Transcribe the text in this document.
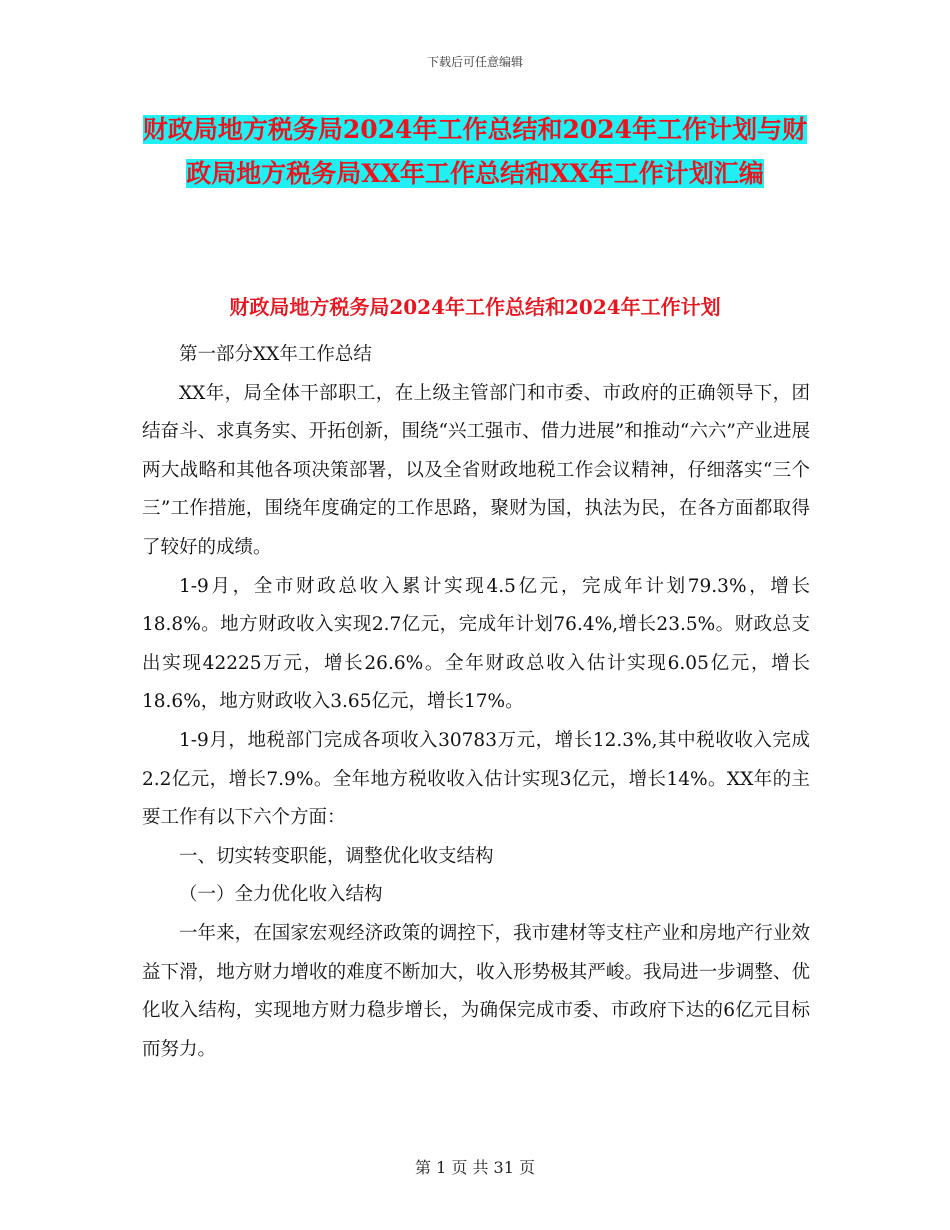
下载后可任意编辑
财政局地方税务局2024年工作总结和2024年工作计划与财政局地方税务局XX年工作总结和XX年工作计划汇编
财政局地方税务局2024年工作总结和2024年工作计划

第一部分XX年工作总结

XX年，局全体干部职工，在上级主管部门和市委、市政府的正确领导下，团结奋斗、求真务实、开拓创新，围绕“兴工强市、借力进展”和推动“六六”产业进展两大战略和其他各项决策部署，以及全省财政地税工作会议精神，仔细落实“三个三”工作措施，围绕年度确定的工作思路，聚财为国，执法为民，在各方面都取得了较好的成绩。

1-9月，全市财政总收入累计实现4.5亿元，完成年计划79.3%，增长18.8%。地方财政收入实现2.7亿元，完成年计划76.4%,增长23.5%。财政总支出实现42225万元，增长26.6%。全年财政总收入估计实现6.05亿元，增长18.6%，地方财政收入3.65亿元，增长17%。

1-9月，地税部门完成各项收入30783万元，增长12.3%,其中税收收入完成2.2亿元，增长7.9%。全年地方税收收入估计实现3亿元，增长14%。XX年的主要工作有以下六个方面：

一、切实转变职能，调整优化收支结构

（一）全力优化收入结构

一年来，在国家宏观经济政策的调控下，我市建材等支柱产业和房地产行业效益下滑，地方财力增收的难度不断加大，收入形势极其严峻。我局进一步调整、优化收入结构，实现地方财力稳步增长，为确保完成市委、市政府下达的6亿元目标而努力。

第 1 页 共 31 页
